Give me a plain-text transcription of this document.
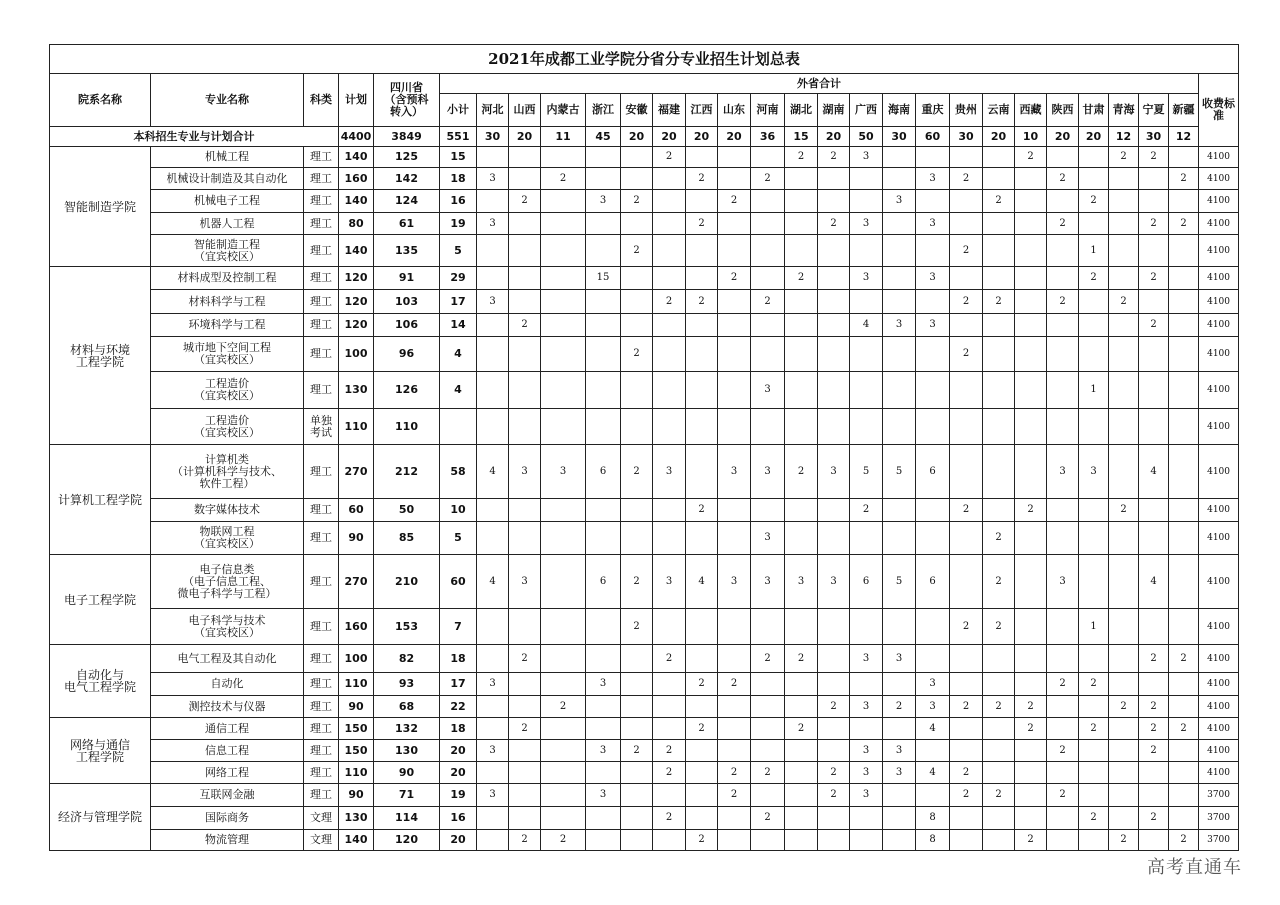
2021年成都工业学院分省分专业招生计划总表																													
院系名称	专业名称	科类	计划	四川省
（含预科
转入）	外省合计																							收费标
准	
					小计	河北	山西	内蒙古	浙江	安徽	福建	江西	山东	河南	湖北	湖南	广西	海南	重庆	贵州	云南	西藏	陕西	甘肃	青海	宁夏	新疆		
本科招生专业与计划合计			4400	3849	551	30	20	11	45	20	20	20	20	36	15	20	50	30	60	30	20	10	20	20	12	30	12		
智能制造学院	机械工程	理工	140	125	15						2				2	2	3					2			2	2		4100	
	机械设计制造及其自动化	理工	160	142	18	3		2				2		2					3	2			2				2	4100	
	机械电子工程	理工	140	124	16		2		3	2			2					3			2			2				4100	
	机器人工程	理工	80	61	19	3						2				2	3		3				2			2	2	4100	
	智能制造工程
（宜宾校区）	理工	140	135	5					2										2				1				4100	
材料与环境
工程学院	材料成型及控制工程	理工	120	91	29				15				2		2		3		3					2		2		4100	
	材料科学与工程	理工	120	103	17	3					2	2		2						2	2		2		2			4100	
	环境科学与工程	理工	120	106	14		2										4	3	3							2		4100	
	城市地下空间工程
（宜宾校区）	理工	100	96	4					2										2								4100	
	工程造价
（宜宾校区）	理工	130	126	4									3										1				4100	
	工程造价
（宜宾校区）	单独
考试	110	110																								4100	
计算机工程学院	计算机类
（计算机科学与技术、
软件工程）	理工	270	212	58	4	3	3	6	2	3		3	3	2	3	5	5	6				3	3		4		4100	
	数字媒体技术	理工	60	50	10							2					2			2		2			2			4100	
	物联网工程
（宜宾校区）	理工	90	85	5									3							2							4100	
电子工程学院	电子信息类
（电子信息工程、
微电子科学与工程）	理工	270	210	60	4	3		6	2	3	4	3	3	3	3	6	5	6		2		3			4		4100	
	电子科学与技术
（宜宾校区）	理工	160	153	7					2										2	2			1				4100	
自动化与
电气工程学院	电气工程及其自动化	理工	100	82	18		2				2			2	2		3	3								2	2	4100	
	自动化	理工	110	93	17	3			3			2	2						3				2	2				4100	
	测控技术与仪器	理工	90	68	22			2								2	3	2	3	2	2	2			2	2		4100	
网络与通信
工程学院	通信工程	理工	150	132	18		2					2			2				4			2		2		2	2	4100	
	信息工程	理工	150	130	20	3			3	2	2						3	3					2			2		4100	
	网络工程	理工	110	90	20						2		2	2		2	3	3	4	2								4100	
经济与管理学院	互联网金融	理工	90	71	19	3			3				2			2	3			2	2		2					3700	
	国际商务	文理	130	114	16						2			2					8					2		2		3700	
	物流管理	文理	140	120	20		2	2				2							8			2			2		2	3700	
高考直通车
